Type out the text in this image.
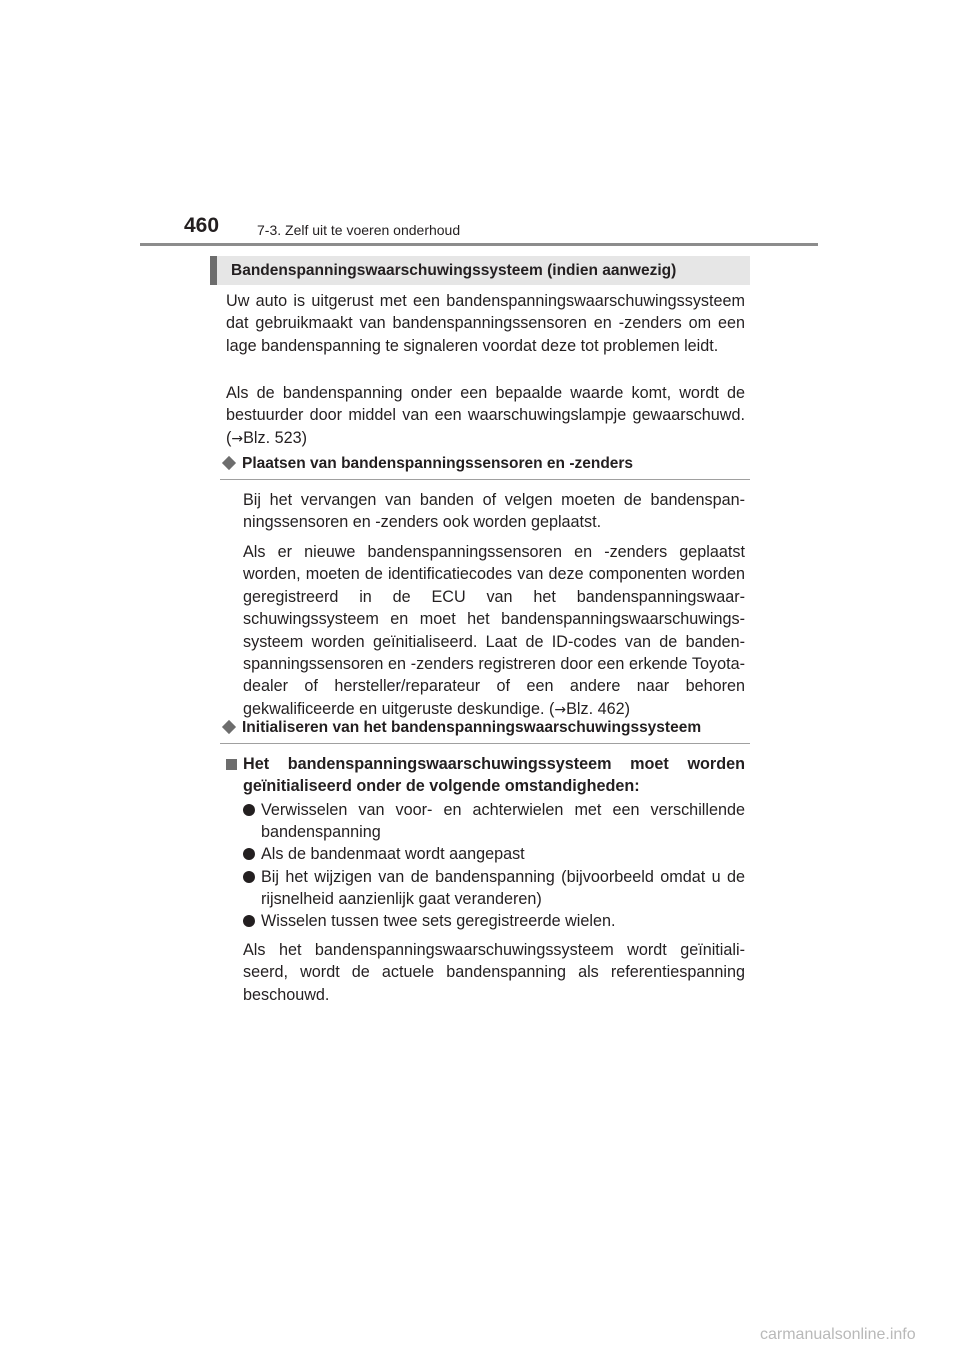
460	7-3. Zelf uit te voeren onderhoud
Bandenspanningswaarschuwingssysteem (indien aanwezig)

Uw auto is uitgerust met een bandenspanningswaarschuwingssysteem dat gebruikmaakt van bandenspanningssensoren en -zenders om een lage bandenspanning te signaleren voordat deze tot problemen leidt.

Als de bandenspanning onder een bepaalde waarde komt, wordt de bestuurder door middel van een waarschuwingslampje gewaarschuwd. (→Blz. 523)

Plaatsen van bandenspanningssensoren en -zenders

Bij het vervangen van banden of velgen moeten de bandenspanningssensoren en -zenders ook worden geplaatst.

Als er nieuwe bandenspanningssensoren en -zenders geplaatst worden, moeten de identificatiecodes van deze componenten worden geregistreerd in de ECU van het bandenspanningswaarschuwingssysteem en moet het bandenspanningswaarschuwingssysteem worden geïnitialiseerd. Laat de ID-codes van de bandenspanningssensoren en -zenders registreren door een erkende Toyota-dealer of hersteller/reparateur of een andere naar behoren gekwalificeerde en uitgeruste deskundige. (→Blz. 462)

Initialiseren van het bandenspanningswaarschuwingssysteem

Het bandenspanningswaarschuwingssysteem moet worden geïnitialiseerd onder de volgende omstandigheden:

Verwisselen van voor- en achterwielen met een verschillende bandenspanning

Als de bandenmaat wordt aangepast

Bij het wijzigen van de bandenspanning (bijvoorbeeld omdat u de rijsnelheid aanzienlijk gaat veranderen)

Wisselen tussen twee sets geregistreerde wielen.

Als het bandenspanningswaarschuwingssysteem wordt geïnitialiseerd, wordt de actuele bandenspanning als referentiespanning beschouwd.

carmanualsonline.info
